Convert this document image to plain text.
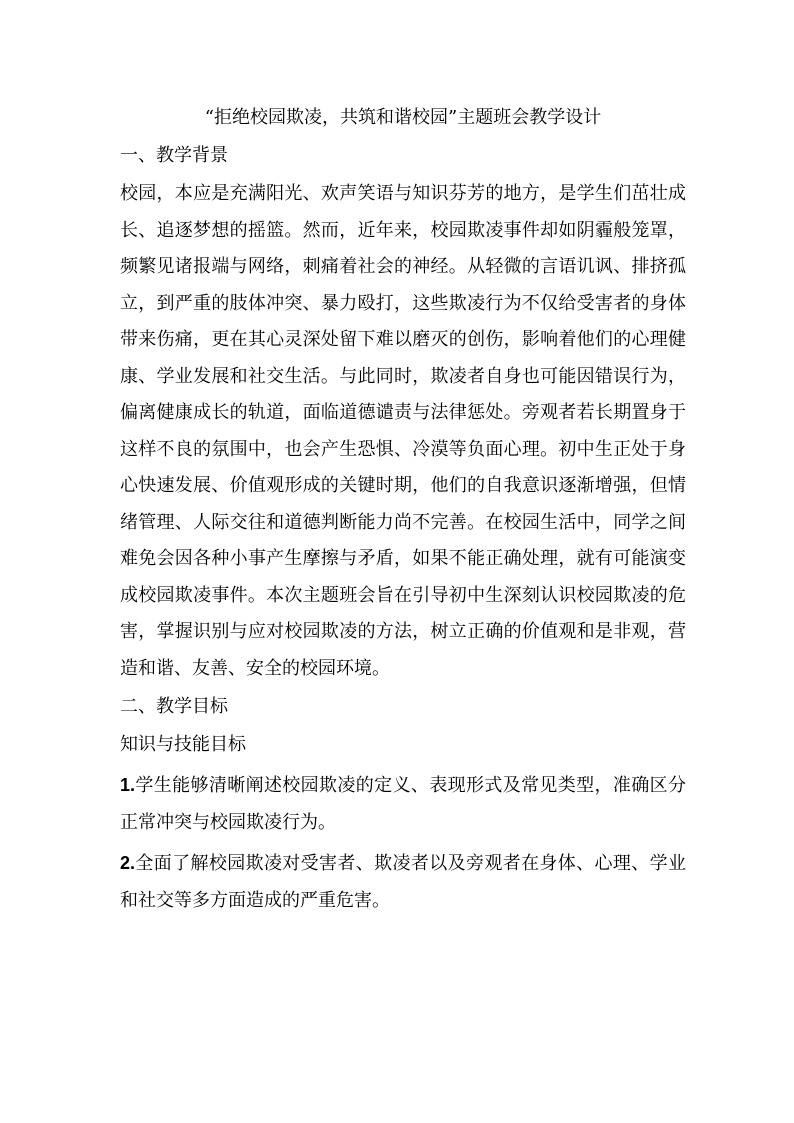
“拒绝校园欺凌，共筑和谐校园”主题班会教学设计
一、教学背景

校园，本应是充满阳光、欢声笑语与知识芬芳的地方，是学生们茁壮成长、追逐梦想的摇篮。然而，近年来，校园欺凌事件却如阴霾般笼罩，频繁见诸报端与网络，刺痛着社会的神经。从轻微的言语讥讽、排挤孤立，到严重的肢体冲突、暴力殴打，这些欺凌行为不仅给受害者的身体带来伤痛，更在其心灵深处留下难以磨灭的创伤，影响着他们的心理健康、学业发展和社交生活。与此同时，欺凌者自身也可能因错误行为，偏离健康成长的轨道，面临道德谴责与法律惩处。旁观者若长期置身于这样不良的氛围中，也会产生恐惧、冷漠等负面心理。初中生正处于身心快速发展、价值观形成的关键时期，他们的自我意识逐渐增强，但情绪管理、人际交往和道德判断能力尚不完善。在校园生活中，同学之间难免会因各种小事产生摩擦与矛盾，如果不能正确处理，就有可能演变成校园欺凌事件。本次主题班会旨在引导初中生深刻认识校园欺凌的危害，掌握识别与应对校园欺凌的方法，树立正确的价值观和是非观，营造和谐、友善、安全的校园环境。

二、教学目标
知识与技能目标

1.学生能够清晰阐述校园欺凌的定义、表现形式及常见类型，准确区分正常冲突与校园欺凌行为。

2.全面了解校园欺凌对受害者、欺凌者以及旁观者在身体、心理、学业和社交等多方面造成的严重危害。
